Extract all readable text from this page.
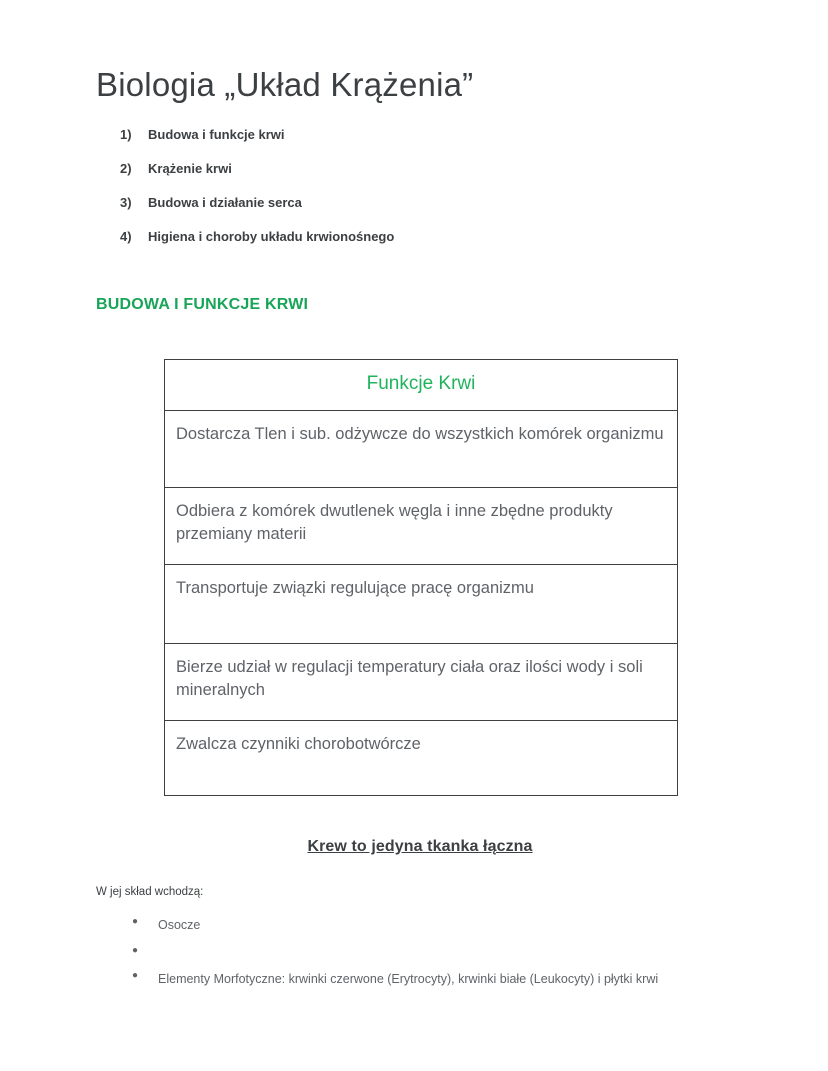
Biologia „Układ Krążenia”
1)	Budowa i funkcje krwi
2)	Krążenie krwi
3)	Budowa i działanie serca
4)	Higiena i choroby układu krwionośnego
BUDOWA I FUNKCJE KRWI
Funkcje Krwi
Dostarcza Tlen i sub. odżywcze do wszystkich komórek organizmu
Odbiera z komórek dwutlenek węgla i inne zbędne produkty przemiany materii
Transportuje związki regulujące pracę organizmu
Bierze udział w regulacji temperatury ciała oraz ilości wody i soli mineralnych
Zwalcza czynniki chorobotwórcze
Krew to jedyna tkanka łączna
W jej skład wchodzą:
● Osocze
●
● Elementy Morfotyczne: krwinki czerwone (Erytrocyty), krwinki białe (Leukocyty) i płytki krwi
